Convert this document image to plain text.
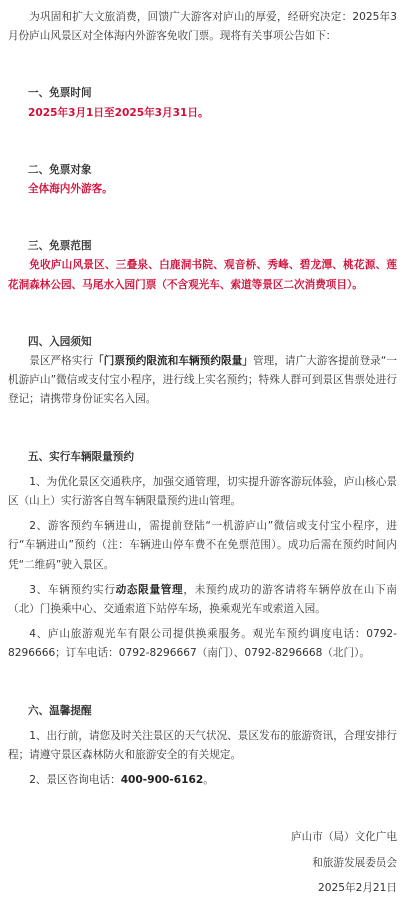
为巩固和扩大文旅消费，回馈广大游客对庐山的厚爱，经研究决定：2025年3月份庐山风景区对全体海内外游客免收门票。现将有关事项公告如下：

一、免票时间

2025年3月1日至2025年3月31日。

二、免票对象

全体海内外游客。

三、免票范围

免收庐山风景区、三叠泉、白鹿洞书院、观音桥、秀峰、碧龙潭、桃花源、莲花洞森林公园、马尾水入园门票（不含观光车、索道等景区二次消费项目）。

四、入园须知

景区严格实行「门票预约限流和车辆预约限量」管理，请广大游客提前登录“一机游庐山”微信或支付宝小程序，进行线上实名预约；特殊人群可到景区售票处进行登记；请携带身份证实名入园。

五、实行车辆限量预约

1、为优化景区交通秩序，加强交通管理，切实提升游客游玩体验，庐山核心景区（山上）实行游客自驾车辆限量预约进山管理。

2、游客预约车辆进山，需提前登陆“一机游庐山”微信或支付宝小程序，进行“车辆进山”预约（注：车辆进山停车费不在免票范围）。成功后需在预约时间内凭“二维码”驶入景区。

3、车辆预约实行动态限量管理，未预约成功的游客请将车辆停放在山下南（北）门换乘中心、交通索道下站停车场，换乘观光车或索道入园。

4、庐山旅游观光车有限公司提供换乘服务。观光车预约调度电话：0792-8296666；订车电话：0792-8296667（南门）、0792-8296668（北门）。

六、温馨提醒

1、出行前，请您及时关注景区的天气状况、景区发布的旅游资讯，合理安排行程；请遵守景区森林防火和旅游安全的有关规定。

2、景区咨询电话：400-900-6162。

庐山市（局）文化广电

和旅游发展委员会

2025年2月21日
